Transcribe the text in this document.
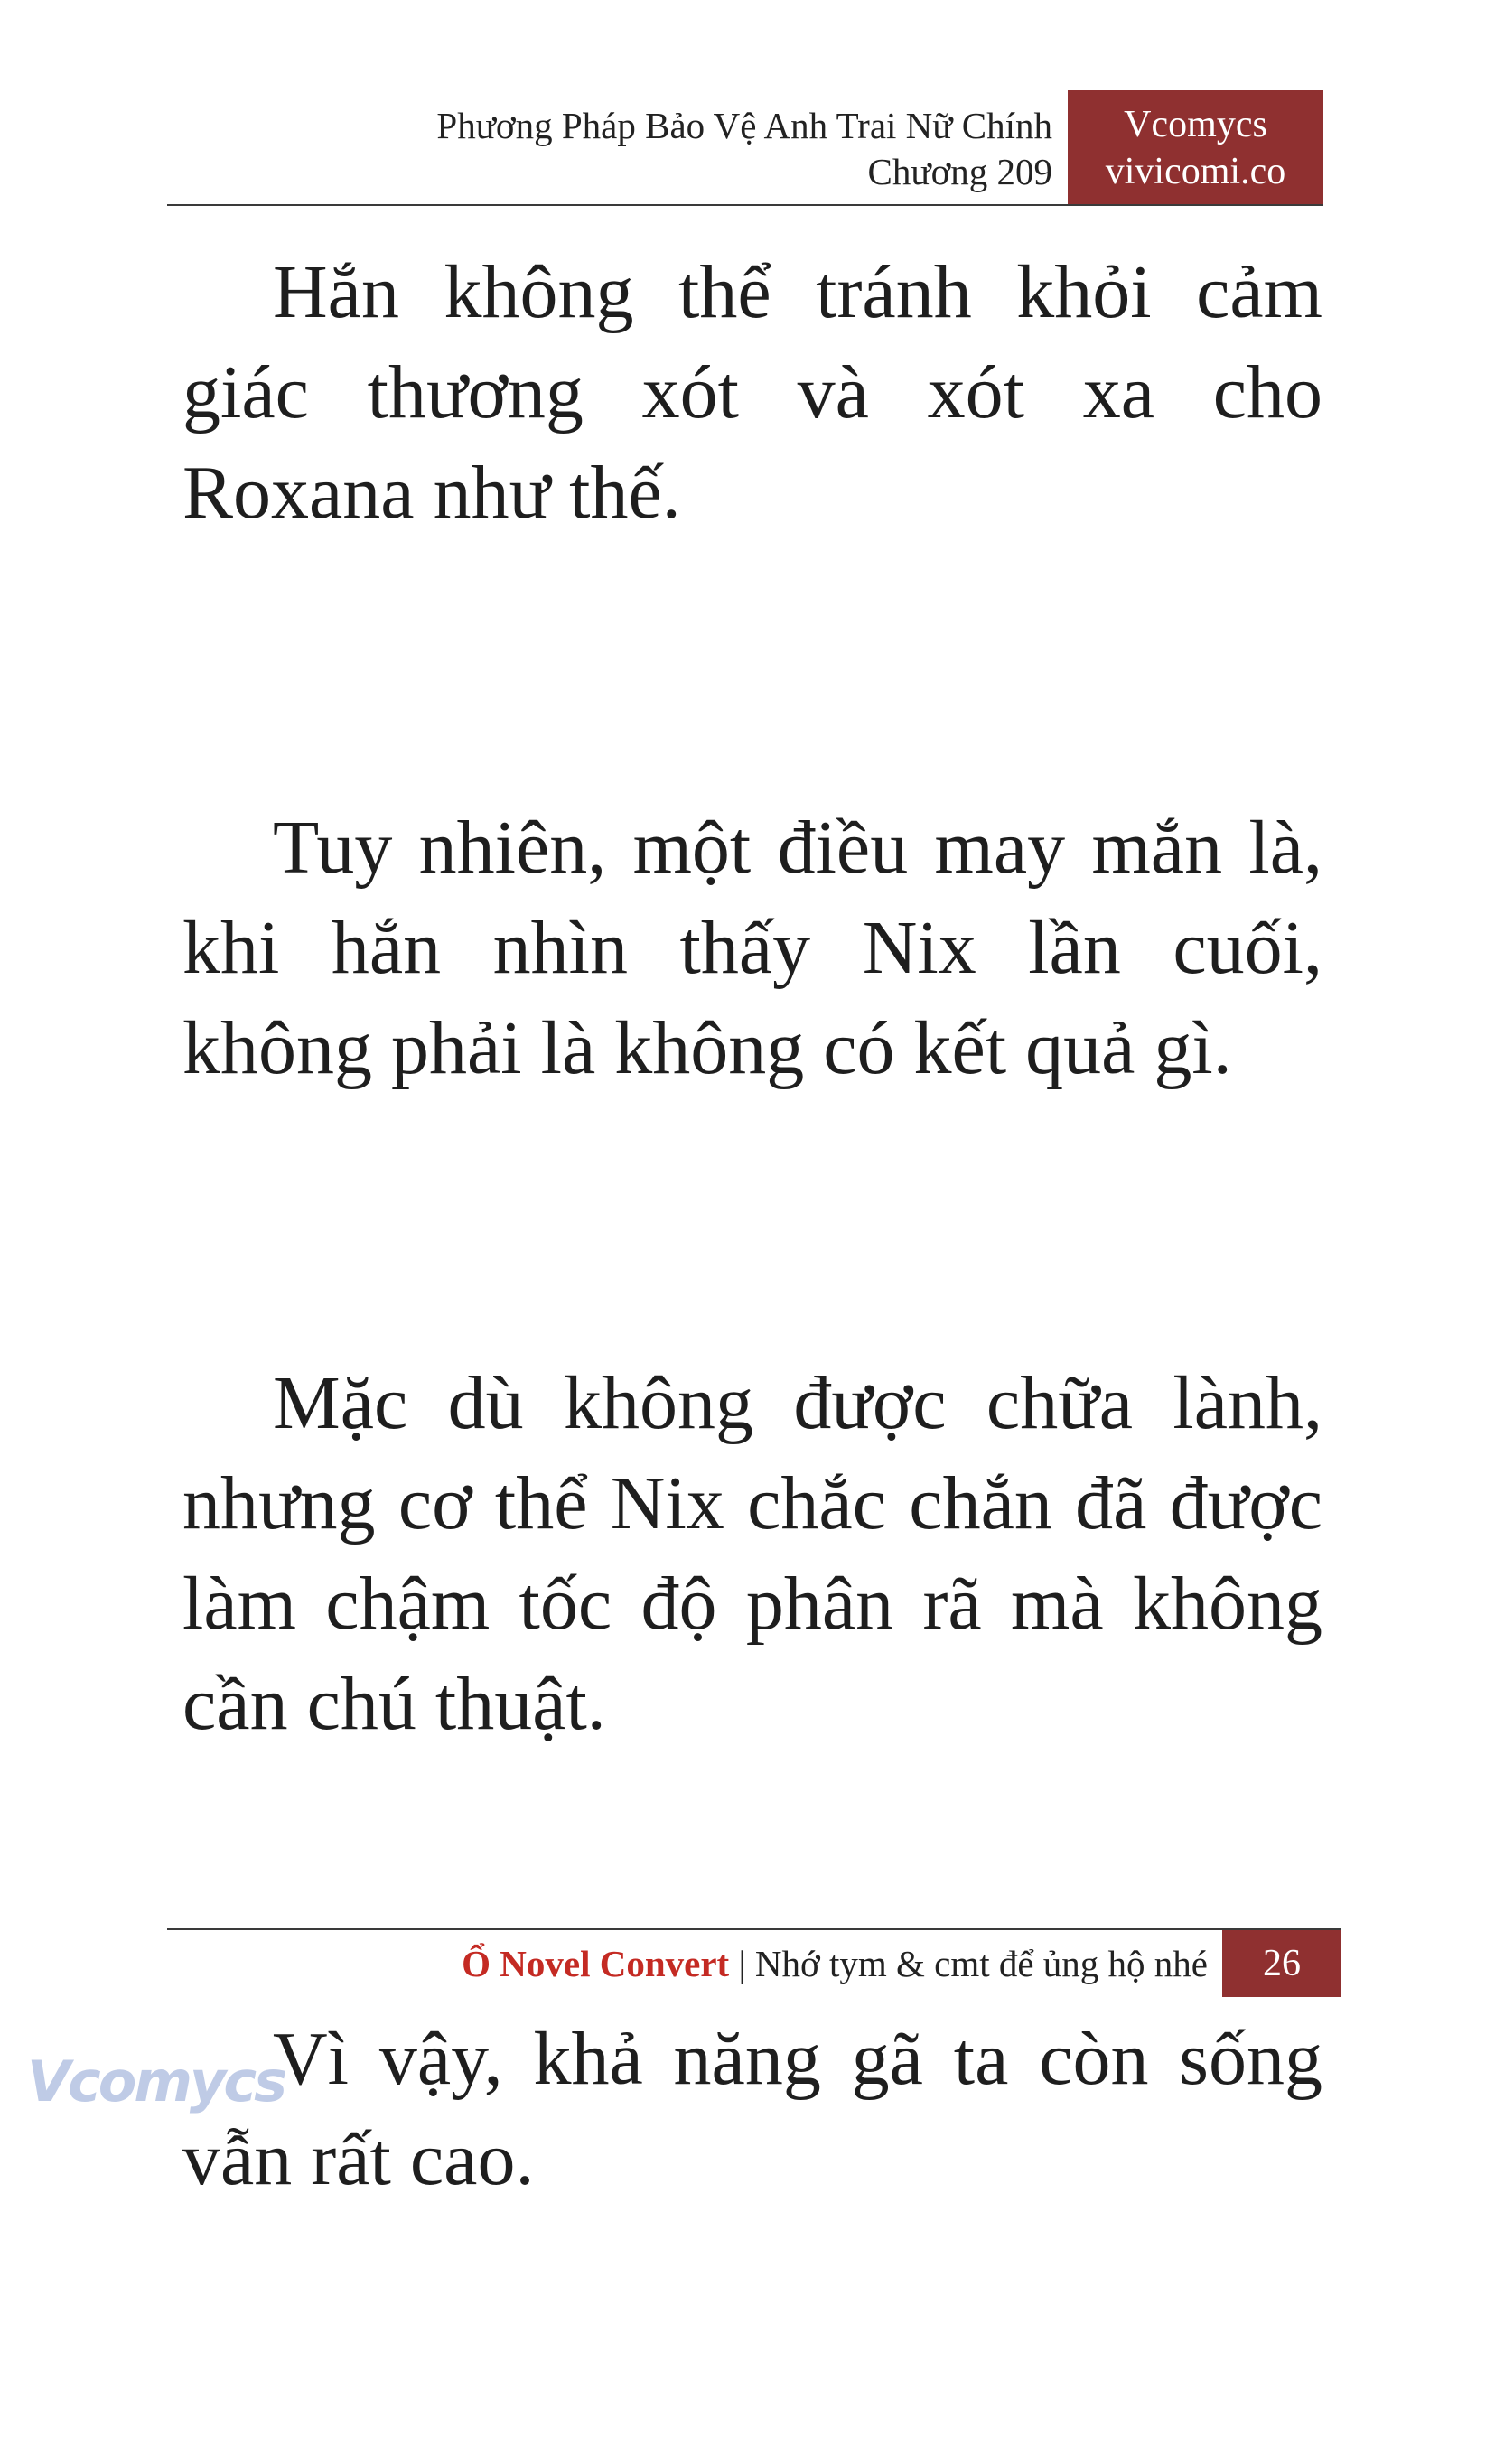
Phương Pháp Bảo Vệ Anh Trai Nữ Chính
Chương 209
Vcomycs
vivicomi.co

Hắn không thể tránh khỏi cảm giác thương xót và xót xa cho Roxana như thế.

Tuy nhiên, một điều may mắn là, khi hắn nhìn thấy Nix lần cuối, không phải là không có kết quả gì.

Mặc dù không được chữa lành, nhưng cơ thể Nix chắc chắn đã được làm chậm tốc độ phân rã mà không cần chú thuật.

Vì vậy, khả năng gã ta còn sống vẫn rất cao.

Ổ Novel Convert | Nhớ tym & cmt để ủng hộ nhé	26
Vcomycs
